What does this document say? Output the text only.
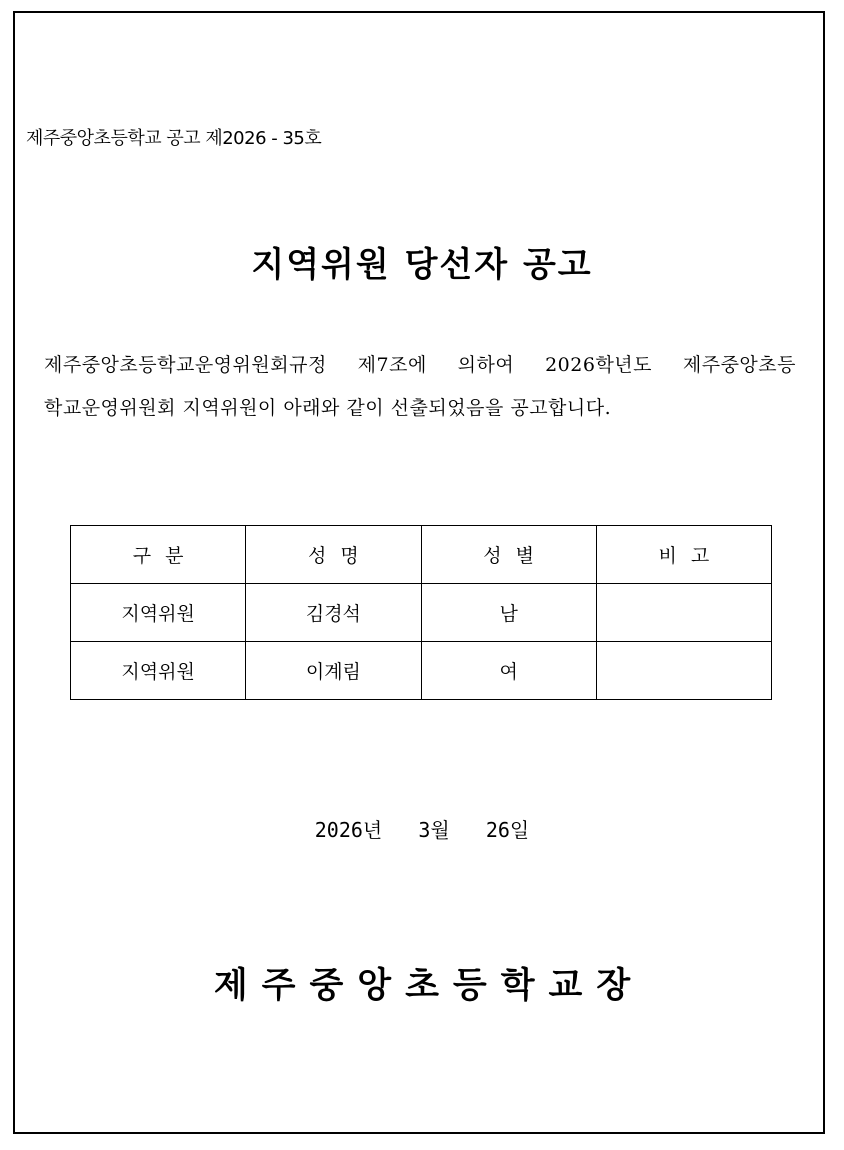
제주중앙초등학교 공고 제2026 - 35호
지역위원 당선자 공고
제주중앙초등학교운영위원회규정 제7조에 의하여 2026학년도 제주중앙초등
학교운영위원회 지역위원이 아래와 같이 선출되었음을 공고합니다.
구분	성명	성별	비고
지역위원	김경석	남	
지역위원	이계림	여	
2026년   3월   26일
제주중앙초등학교장
